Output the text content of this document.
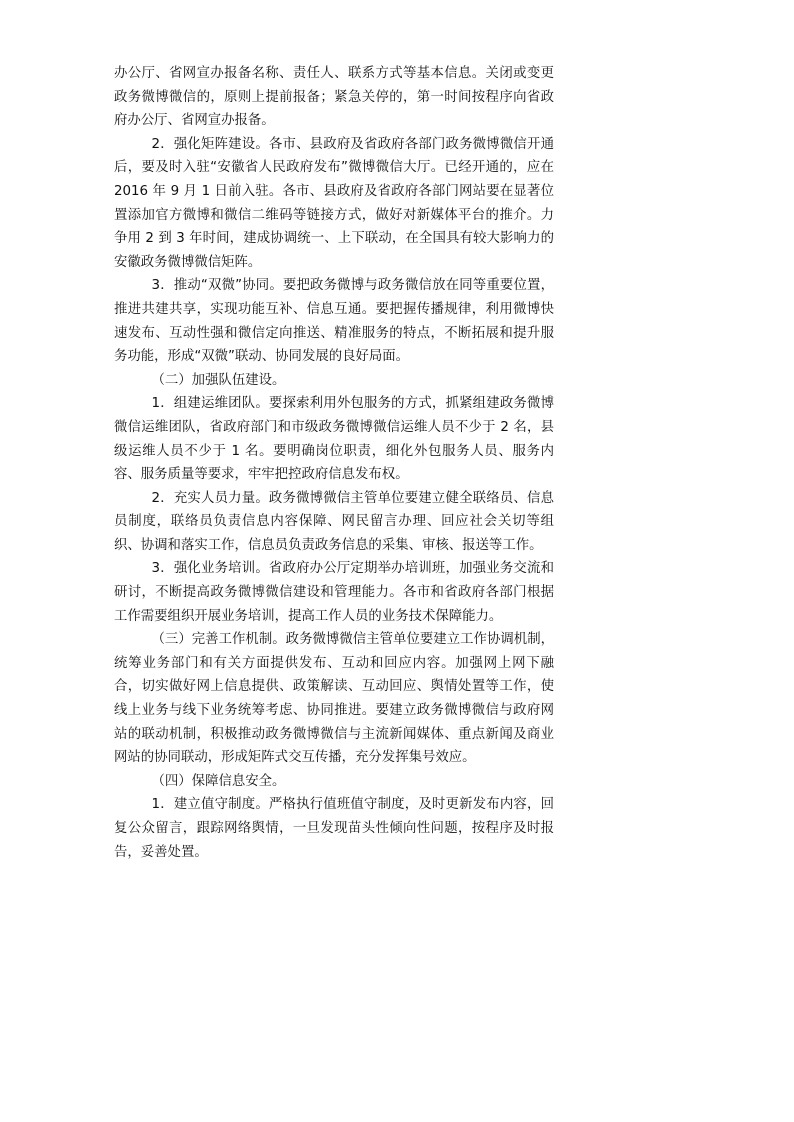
办公厅、省网宣办报备名称、责任人、联系方式等基本信息。关闭或变更政务微博微信的，原则上提前报备；紧急关停的，第一时间按程序向省政府办公厅、省网宣办报备。

2．强化矩阵建设。各市、县政府及省政府各部门政务微博微信开通后，要及时入驻“安徽省人民政府发布”微博微信大厅。已经开通的，应在 2016 年 9 月 1 日前入驻。各市、县政府及省政府各部门网站要在显著位置添加官方微博和微信二维码等链接方式，做好对新媒体平台的推介。力争用 2 到 3 年时间，建成协调统一、上下联动，在全国具有较大影响力的安徽政务微博微信矩阵。

3．推动“双微”协同。要把政务微博与政务微信放在同等重要位置，推进共建共享，实现功能互补、信息互通。要把握传播规律，利用微博快速发布、互动性强和微信定向推送、精准服务的特点，不断拓展和提升服务功能，形成“双微”联动、协同发展的良好局面。

（二）加强队伍建设。

1．组建运维团队。要探索利用外包服务的方式，抓紧组建政务微博微信运维团队，省政府部门和市级政务微博微信运维人员不少于 2 名，县级运维人员不少于 1 名。要明确岗位职责，细化外包服务人员、服务内容、服务质量等要求，牢牢把控政府信息发布权。

2．充实人员力量。政务微博微信主管单位要建立健全联络员、信息员制度，联络员负责信息内容保障、网民留言办理、回应社会关切等组织、协调和落实工作，信息员负责政务信息的采集、审核、报送等工作。

3．强化业务培训。省政府办公厅定期举办培训班，加强业务交流和研讨，不断提高政务微博微信建设和管理能力。各市和省政府各部门根据工作需要组织开展业务培训，提高工作人员的业务技术保障能力。

（三）完善工作机制。政务微博微信主管单位要建立工作协调机制，统筹业务部门和有关方面提供发布、互动和回应内容。加强网上网下融合，切实做好网上信息提供、政策解读、互动回应、舆情处置等工作，使线上业务与线下业务统筹考虑、协同推进。要建立政务微博微信与政府网站的联动机制，积极推动政务微博微信与主流新闻媒体、重点新闻及商业网站的协同联动，形成矩阵式交互传播，充分发挥集号效应。

（四）保障信息安全。

1．建立值守制度。严格执行值班值守制度，及时更新发布内容，回复公众留言，跟踪网络舆情，一旦发现苗头性倾向性问题，按程序及时报告，妥善处置。
